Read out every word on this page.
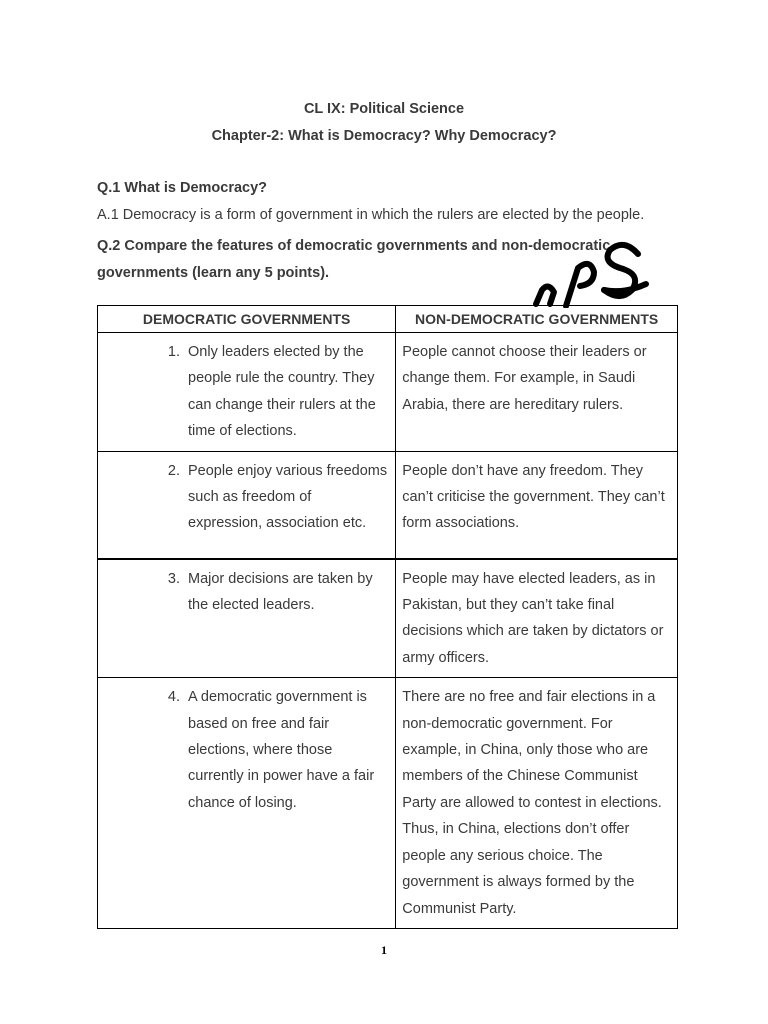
CL IX: Political Science
Chapter-2: What is Democracy? Why Democracy?
Q.1 What is Democracy?
A.1 Democracy is a form of government in which the rulers are elected by the people.
Q.2 Compare the features of democratic governments and non-democratic governments (learn any 5 points).
DEMOCRATIC GOVERNMENTS	NON-DEMOCRATIC GOVERNMENTS

1. Only leaders elected by the people rule the country. They can change their rulers at the time of elections.	People cannot choose their leaders or change them. For example, in Saudi Arabia, there are hereditary rulers.

2. People enjoy various freedoms such as freedom of expression, association etc.	People don’t have any freedom. They can’t criticise the government. They can’t form associations.

3. Major decisions are taken by the elected leaders.	People may have elected leaders, as in Pakistan, but they can’t take final decisions which are taken by dictators or army officers.

4. A democratic government is based on free and fair elections, where those currently in power have a fair chance of losing.	There are no free and fair elections in a non-democratic government. For example, in China, only those who are members of the Chinese Communist Party are allowed to contest in elections. Thus, in China, elections don’t offer people any serious choice. The government is always formed by the Communist Party.
1
